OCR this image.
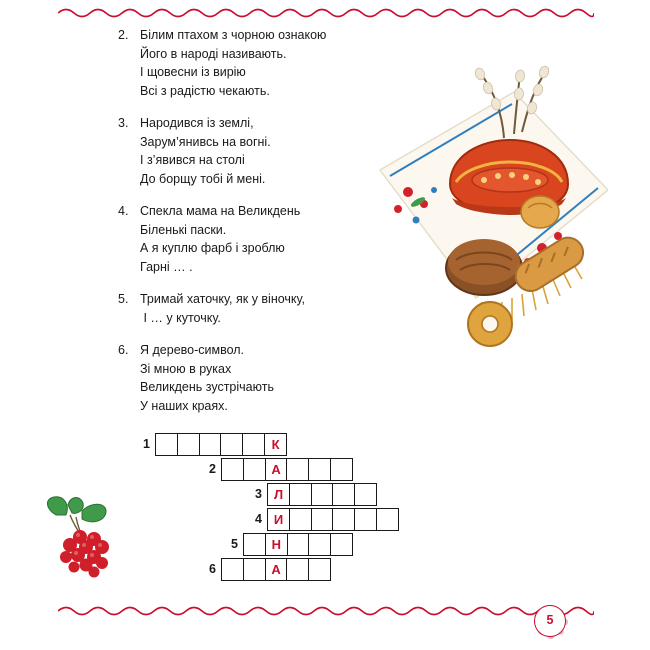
2. Білим птахом з чорною ознакою
Його в народі називають.
І щовесни із вирію
Всі з радістю чекають.
3. Народився із землі,
Зарум’янивсь на вогні.
І з’явився на столі
До борщу тобі й мені.
4. Спекла мама на Великдень
Біленькі паски.
А я куплю фарб і зроблю
Гарні … .
5. Тримай хаточку, як у віночку,
І … у куточку.
6. Я дерево-символ.
Зі мною в руках
Великдень зустрічають
У наших краях.
1	К
2	А
3 Л
4 И
5	Н
6	А
5
